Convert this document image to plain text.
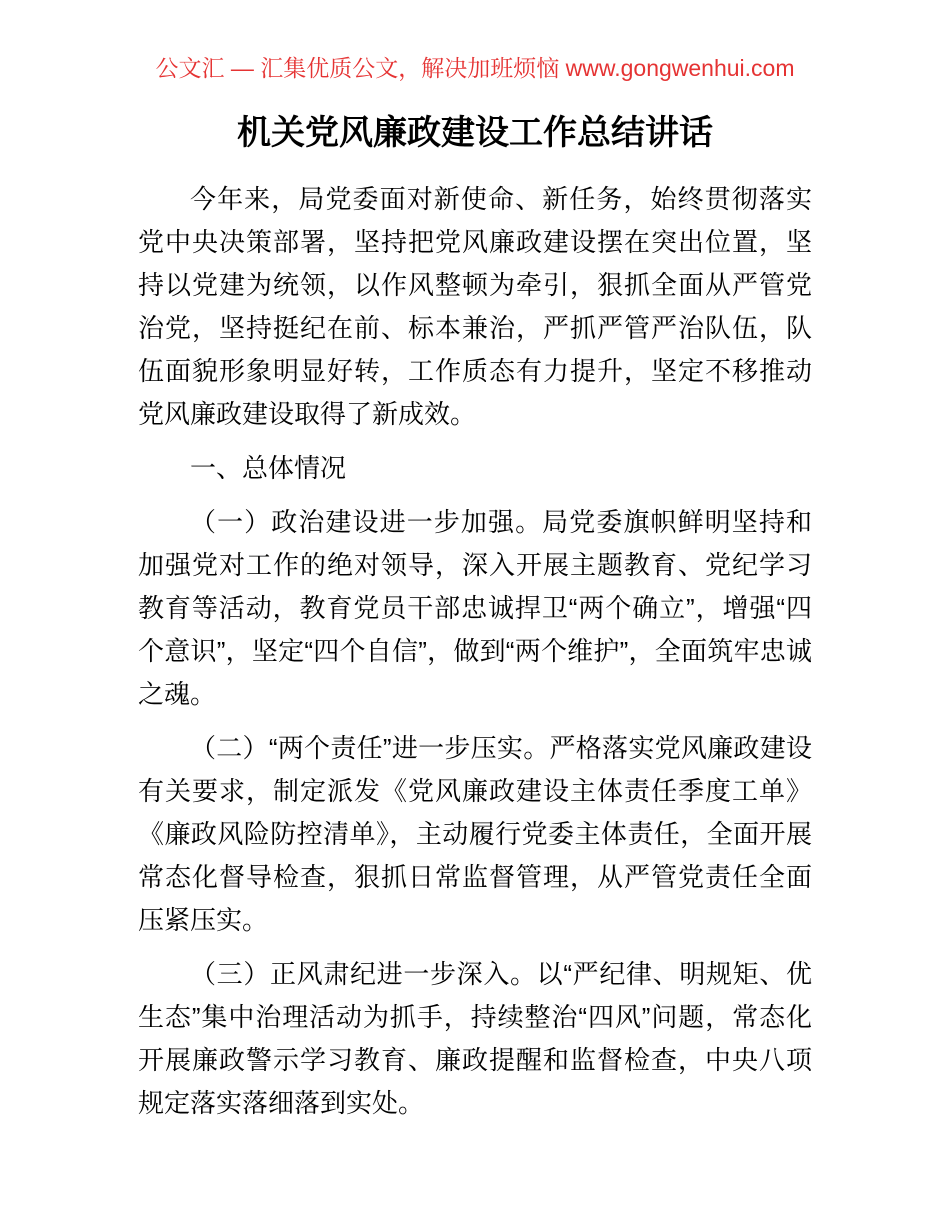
公文汇 — 汇集优质公文，解决加班烦恼 www.gongwenhui.com
机关党风廉政建设工作总结讲话

今年来，局党委面对新使命、新任务，始终贯彻落实党中央决策部署，坚持把党风廉政建设摆在突出位置，坚持以党建为统领，以作风整顿为牵引，狠抓全面从严管党治党，坚持挺纪在前、标本兼治，严抓严管严治队伍，队伍面貌形象明显好转，工作质态有力提升，坚定不移推动党风廉政建设取得了新成效。

一、总体情况

（一）政治建设进一步加强。局党委旗帜鲜明坚持和加强党对工作的绝对领导，深入开展主题教育、党纪学习教育等活动，教育党员干部忠诚捍卫“两个确立”，增强“四个意识”，坚定“四个自信”，做到“两个维护”，全面筑牢忠诚之魂。

（二）“两个责任”进一步压实。严格落实党风廉政建设有关要求，制定派发《党风廉政建设主体责任季度工单》《廉政风险防控清单》，主动履行党委主体责任，全面开展常态化督导检查，狠抓日常监督管理，从严管党责任全面压紧压实。

（三）正风肃纪进一步深入。以“严纪律、明规矩、优生态”集中治理活动为抓手，持续整治“四风”问题，常态化开展廉政警示学习教育、廉政提醒和监督检查，中央八项规定落实落细落到实处。
